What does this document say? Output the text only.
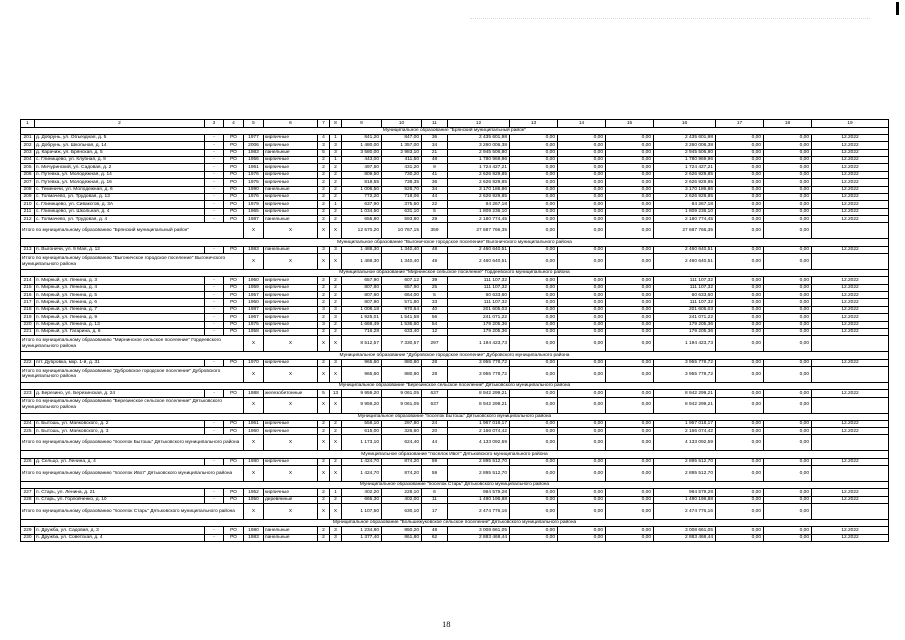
1	2	3	4	5	6	7	8	9	10	11	12	13	14	15	16	17	18	19
Муниципальное образование "Брянский муниципальный район"																		
201	д. Добрунь, ул. Объездная, д. 5	-	РО	1977	кирпичные	4	1	841,20	847,00	36	2 435 601,98	0,00	0,00	0,00	2 435 601,98	0,00	0,00	12.2022
202	д. Добрунь, ул. Школьная, д. 14	-	РО	2006	кирпичные	3	3	1 480,00	1 357,00	34	3 260 006,38	0,00	0,00	0,00	3 260 006,38	0,00	0,00	12.2022
203	д. Карачиж, ул. Брянская, д. 5	-	РО	1983	панельные	5	3	3 580,00	2 983,10	21	2 945 506,80	0,00	0,00	0,00	2 945 506,80	0,00	0,00	12.2022
204	с. Глинищево, ул. Клубная, д. 9	-	РО	1956	кирпичные	2	1	443,00	411,50	48	1 780 969,96	0,00	0,00	0,00	1 780 969,96	0,00	0,00	12.2022
205	п. Мичуринский, ул. Садовая, д. 2	-	РО	1961	кирпичные	2	2	497,50	431,20	9	1 724 427,21	0,00	0,00	0,00	1 724 427,21	0,00	0,00	12.2022
206	п. Путевка, ул. Молодежная, д. 14	-	РО	1976	кирпичные	2	2	809,50	730,20	41	2 626 929,85	0,00	0,00	0,00	2 626 929,85	0,00	0,00	12.2022
207	п. Путевка, ул. Молодежная, д. 16	-	РО	1975	кирпичные	2	2	818,55	738,35	36	2 626 929,85	0,00	0,00	0,00	2 626 929,85	0,00	0,00	12.2022
208	с. Теменичи, ул. Молодежная, д. 6	-	РО	1990	панельные	2	2	1 006,50	928,70	34	3 170 186,86	0,00	0,00	0,00	3 170 186,86	0,00	0,00	12.2022
209	с. Толмачево, ул. Трудовая, д. 13	-	РО	1976	кирпичные	2	2	772,20	718,06	44	2 626 929,85	0,00	0,00	0,00	2 626 929,85	0,00	0,00	12.2022
210	с. Глинищево, ул. Сиваксгов, д. 3А	-	РО	1979	кирпичные	2	1	637,90	375,50	22	84 267,18	0,00	0,00	0,00	84 267,18	0,00	0,00	12.2022
211	с. Глинищево, ул. Школьная, д. 4	-	РО	1965	кирпичные	2	2	1 034,50	631,10	5	1 809 236,10	0,00	0,00	0,00	1 809 236,10	0,00	0,00	12.2022
212	с. Толмачево, ул. Трудовая, д. 4	-	РО	1987	панельные	2	2	655,80	593,80	29	2 180 774,45	0,00	0,00	0,00	2 180 774,45	0,00	0,00	12.2022
Итого по муниципальному образованию "Брянский муниципальный район"				X	X	X	X	12 570,20	10 767,15	359	27 687 766,35	0,00	0,00	0,00	27 687 766,35	0,00	0,00	
Муниципальное образование "Выгоничское городское поселение" Выгоничского муниципального района																		
213	п. Выгоничи, ул. 9 Мая, д. 12	-	РО	1983	панельные	3	3	1 488,30	1 340,40	48	2 460 640,51	0,00	0,00	0,00	2 460 640,51	0,00	0,00	12.2022
Итого по муниципальному образованию "Выгоничское городское поселение" Выгоничского муниципального района				X	X	X	X	1 488,30	1 340,40	48	2 460 640,51	0,00	0,00	0,00	2 460 640,51	0,00	0,00	
Муниципальное образование "Мирнинское сельское поселение" Гордеевского муниципального района																		
214	п. Мирный, ул. Ленина, д. 3	-	РО	1960	кирпичные	2	2	657,90	607,12	39	111 107,32	0,00	0,00	0,00	111 107,32	0,00	0,00	12.2022
215	п. Мирный, ул. Ленина, д. 4	-	РО	1959	кирпичные	2	2	807,80	657,90	25	111 107,32	0,00	0,00	0,00	111 107,32	0,00	0,00	12.2022
216	п. Мирный, ул. Ленина, д. 5	-	РО	1957	кирпичные	2	2	807,60	664,00	5	60 633,60	0,00	0,00	0,00	60 633,60	0,00	0,00	12.2022
217	п. Мирный, ул. Ленина, д. 6	-	РО	1960	кирпичные	2	2	807,90	571,80	33	111 107,32	0,00	0,00	0,00	111 107,32	0,00	0,00	12.2022
218	п. Мирный, ул. Ленина, д. 7	-	РО	1987	кирпичные	3	3	1 008,18	970,64	40	201 605,03	0,00	0,00	0,00	201 605,03	0,00	0,00	12.2022
219	п. Мирный, ул. Ленина, д. 9	-	РО	1967	кирпичные	2	3	1 925,01	1 541,58	56	241 071,22	0,00	0,00	0,00	241 071,22	0,00	0,00	12.2022
220	п. Мирный, ул. Ленина, д. 13	-	РО	1975	кирпичные	3	2	1 668,49	1 536,60	54	179 205,36	0,00	0,00	0,00	179 205,36	0,00	0,00	12.2022
221	п. Мирный, ул. Гагарина, д. 6	-	РО	1958	кирпичные	2	2	716,28	633,40	12	179 205,36	0,00	0,00	0,00	179 205,36	0,00	0,00	12.2022
Итого по муниципальному образованию "Мирнинское сельское поселение" Гордеевского муниципального района				X	X	X	X	8 512,57	7 330,57	297	1 194 423,73	0,00	0,00	0,00	1 194 423,73	0,00	0,00	
Муниципальное образование "Дубровское городское поселение" Дубровского муниципального района																		
222	пгт. Дубровка, мкр. 1-й, д. 31	-	РО	1970	кирпичные	2	3	965,60	880,80	28	3 955 778,72	0,00	0,00	0,00	3 955 778,72	0,00	0,00	12.2022
Итого по муниципальному образованию "Дубровское городское поселение" Дубровского муниципального района				X	X	X	X	965,60	880,80	28	3 955 778,72	0,00	0,00	0,00	3 955 778,72	0,00	0,00	
Муниципальное образование "Березинское сельское поселение" Дятьковского муниципального района																		
223	д. Березино, ул. Березинская, д. 24	-	РО	1988	железобетонные	5	13	9 959,20	9 061,05	637	8 942 299,21	0,00	0,00	0,00	8 942 299,21	0,00	0,00	12.2022
Итого по муниципальному образованию "Березинское сельское поселение" Дятьковского муниципального района				X	X	X	X	9 959,20	9 061,05	637	8 942 299,21	0,00	0,00	0,00	8 942 299,21	0,00	0,00	
Муниципальное образование "поселок Бытошь" Дятьковского муниципального района																		
224	п. Бытошь, ул. Маяковского, д. 2	-	РО	1961	кирпичные	2	2	558,10	297,80	24	1 967 018,17	0,00	0,00	0,00	1 967 018,17	0,00	0,00	12.2022
225	п. Бытошь, ул. Маяковского, д. 3	-	РО	1960	кирпичные	2	2	615,00	326,60	20	2 166 074,42	0,00	0,00	0,00	2 166 074,42	0,00	0,00	12.2022
Итого по муниципальному образованию "поселок Бытошь" Дятьковского муниципального района				X	X	X	X	1 173,10	624,40	44	4 133 092,59	0,00	0,00	0,00	4 133 092,59	0,00	0,00	
Муниципальное образование "поселок Ивот" Дятьковского муниципального района																		
226	д. Сельцо, ул. Ленина, д. 4	-	РО	1980	кирпичные	2	2	1 424,70	874,20	59	2 895 512,70	0,00	0,00	0,00	2 895 512,70	0,00	0,00	12.2022
Итого по муниципальному образованию "поселок Ивот" Дятьковского муниципального района				X	X	X	X	1 424,70	874,20	59	2 895 512,70	0,00	0,00	0,00	2 895 512,70	0,00	0,00	
Муниципальное образование "поселок Старь" Дятьковского муниципального района																		
227	п. Старь, ул. Ленина, д. 21	-	РО	1952	кирпичные	2	1	402,20	228,10	6	984 579,28	0,00	0,00	0,00	984 579,28	0,00	0,00	12.2022
228	п. Старь, ул. Горловченко, д. 10	-	РО	1950	деревянные	2	2	665,30	402,00	11	1 490 196,88	0,00	0,00	0,00	1 490 196,88	0,00	0,00	12.2022
Итого по муниципальному образованию "поселок Старь" Дятьковского муниципального района				X	X	X	X	1 107,50	630,10	17	2 474 776,16	0,00	0,00	0,00	2 474 776,16	0,00	0,00	
Муниципальное образование "Большежуковское сельское поселение" Дятьковского муниципального района																		
229	п. Дружба, ул. Садовая, д. 3	-	РО	1980	панельные	2	3	1 234,80	850,20	48	3 008 661,05	0,00	0,00	0,00	3 008 661,05	0,00	0,00	12.2022
230	п. Дружба, ул. Советская, д. 4	-	РО	1983	панельные	2	3	1 377,40	861,80	62	2 883 468,44	0,00	0,00	0,00	2 883 468,44	0,00	0,00	12.2022
18
